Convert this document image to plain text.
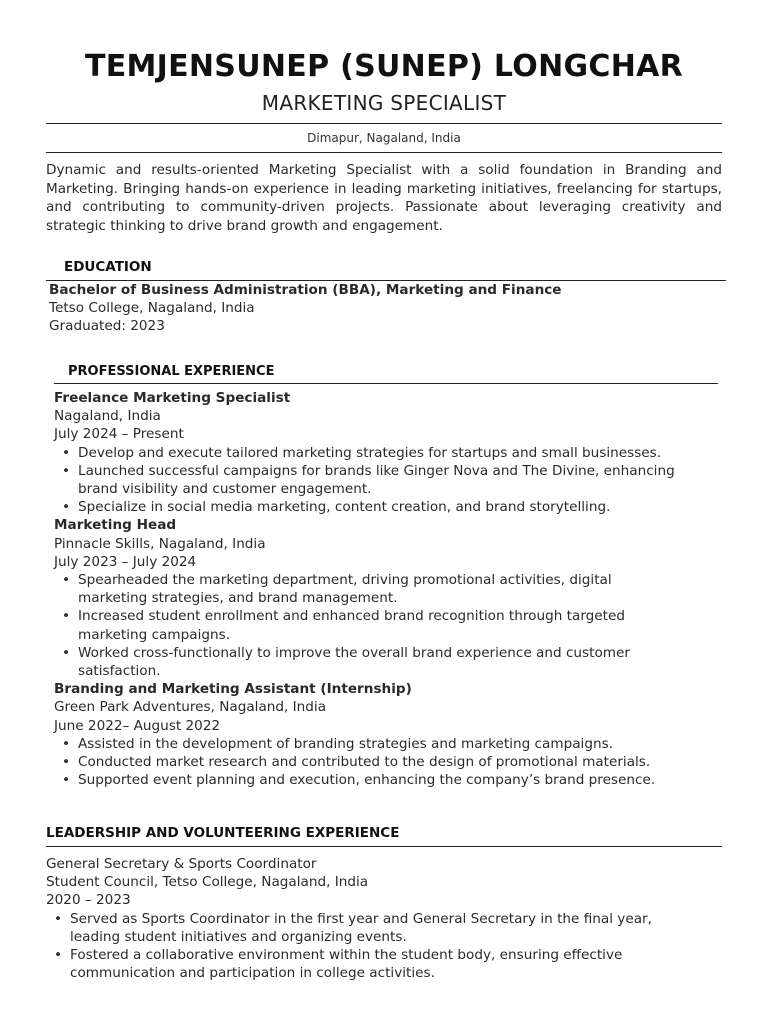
TEMJENSUNEP (SUNEP) LONGCHAR
MARKETING SPECIALIST
Dimapur, Nagaland, India

Dynamic and results-oriented Marketing Specialist with a solid foundation in Branding and Marketing. Bringing hands-on experience in leading marketing initiatives, freelancing for startups, and contributing to community-driven projects. Passionate about leveraging creativity and strategic thinking to drive brand growth and engagement.

EDUCATION
Bachelor of Business Administration (BBA), Marketing and Finance
Tetso College, Nagaland, India
Graduated: 2023
PROFESSIONAL EXPERIENCE
Freelance Marketing Specialist
Nagaland, India
July 2024 – Present
• Develop and execute tailored marketing strategies for startups and small businesses.
• Launched successful campaigns for brands like Ginger Nova and The Divine, enhancing brand visibility and customer engagement.
• Specialize in social media marketing, content creation, and brand storytelling.
Marketing Head
Pinnacle Skills, Nagaland, India
July 2023 – July 2024
• Spearheaded the marketing department, driving promotional activities, digital marketing strategies, and brand management.
• Increased student enrollment and enhanced brand recognition through targeted marketing campaigns.
• Worked cross-functionally to improve the overall brand experience and customer satisfaction.
Branding and Marketing Assistant (Internship)
Green Park Adventures, Nagaland, India
June 2022– August 2022
• Assisted in the development of branding strategies and marketing campaigns.
• Conducted market research and contributed to the design of promotional materials.
• Supported event planning and execution, enhancing the company’s brand presence.
LEADERSHIP AND VOLUNTEERING EXPERIENCE
General Secretary & Sports Coordinator
Student Council, Tetso College, Nagaland, India
2020 – 2023
• Served as Sports Coordinator in the first year and General Secretary in the final year, leading student initiatives and organizing events.
• Fostered a collaborative environment within the student body, ensuring effective communication and participation in college activities.
